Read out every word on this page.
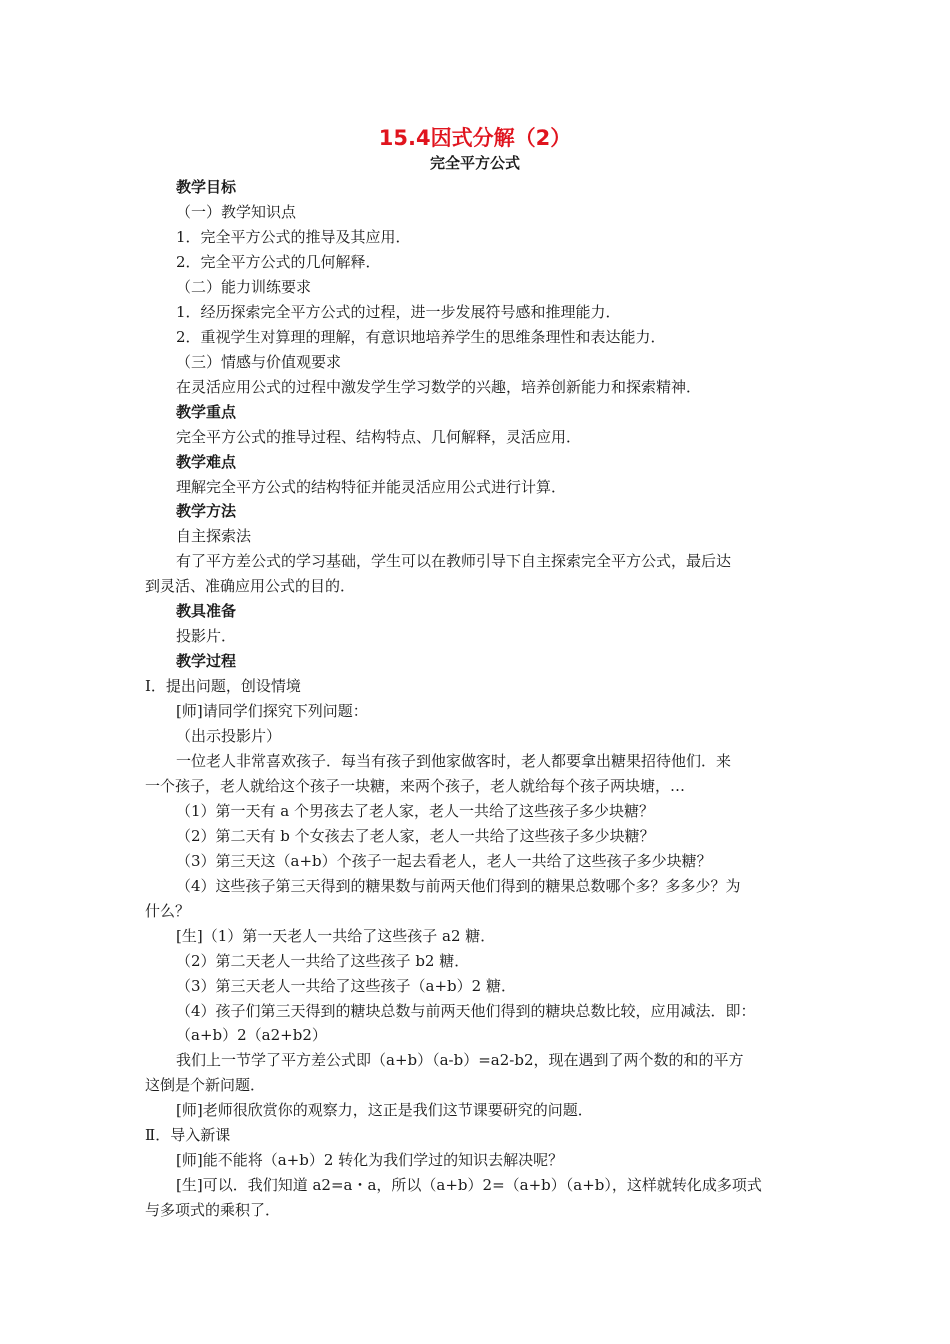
15.4因式分解（2）
完全平方公式
教学目标
（一）教学知识点
1．完全平方公式的推导及其应用．
2．完全平方公式的几何解释．
（二）能力训练要求
1．经历探索完全平方公式的过程，进一步发展符号感和推理能力．
2．重视学生对算理的理解，有意识地培养学生的思维条理性和表达能力．
（三）情感与价值观要求
在灵活应用公式的过程中激发学生学习数学的兴趣，培养创新能力和探索精神．
教学重点
完全平方公式的推导过程、结构特点、几何解释，灵活应用．
教学难点
理解完全平方公式的结构特征并能灵活应用公式进行计算．
教学方法
自主探索法
有了平方差公式的学习基础，学生可以在教师引导下自主探索完全平方公式，最后达
到灵活、准确应用公式的目的．
教具准备
投影片．
教学过程
Ⅰ．提出问题，创设情境
[师]请同学们探究下列问题：
（出示投影片）
一位老人非常喜欢孩子．每当有孩子到他家做客时，老人都要拿出糖果招待他们．来
一个孩子，老人就给这个孩子一块糖，来两个孩子，老人就给每个孩子两块塘，…
（1）第一天有 a 个男孩去了老人家，老人一共给了这些孩子多少块糖？
（2）第二天有 b 个女孩去了老人家，老人一共给了这些孩子多少块糖？
（3）第三天这（a+b）个孩子一起去看老人，老人一共给了这些孩子多少块糖？
（4）这些孩子第三天得到的糖果数与前两天他们得到的糖果总数哪个多？多多少？为
什么？
[生]（1）第一天老人一共给了这些孩子 a2 糖．
（2）第二天老人一共给了这些孩子 b2 糖．
（3）第三天老人一共给了这些孩子（a+b）2 糖．
（4）孩子们第三天得到的糖块总数与前两天他们得到的糖块总数比较，应用减法．即：
（a+b）2（a2+b2）
我们上一节学了平方差公式即（a+b）（a-b）=a2-b2，现在遇到了两个数的和的平方
这倒是个新问题．
[师]老师很欣赏你的观察力，这正是我们这节课要研究的问题．
Ⅱ．导入新课
[师]能不能将（a+b）2 转化为我们学过的知识去解决呢？
[生]可以．我们知道 a2=a・a，所以（a+b）2=（a+b）（a+b），这样就转化成多项式
与多项式的乘积了．
